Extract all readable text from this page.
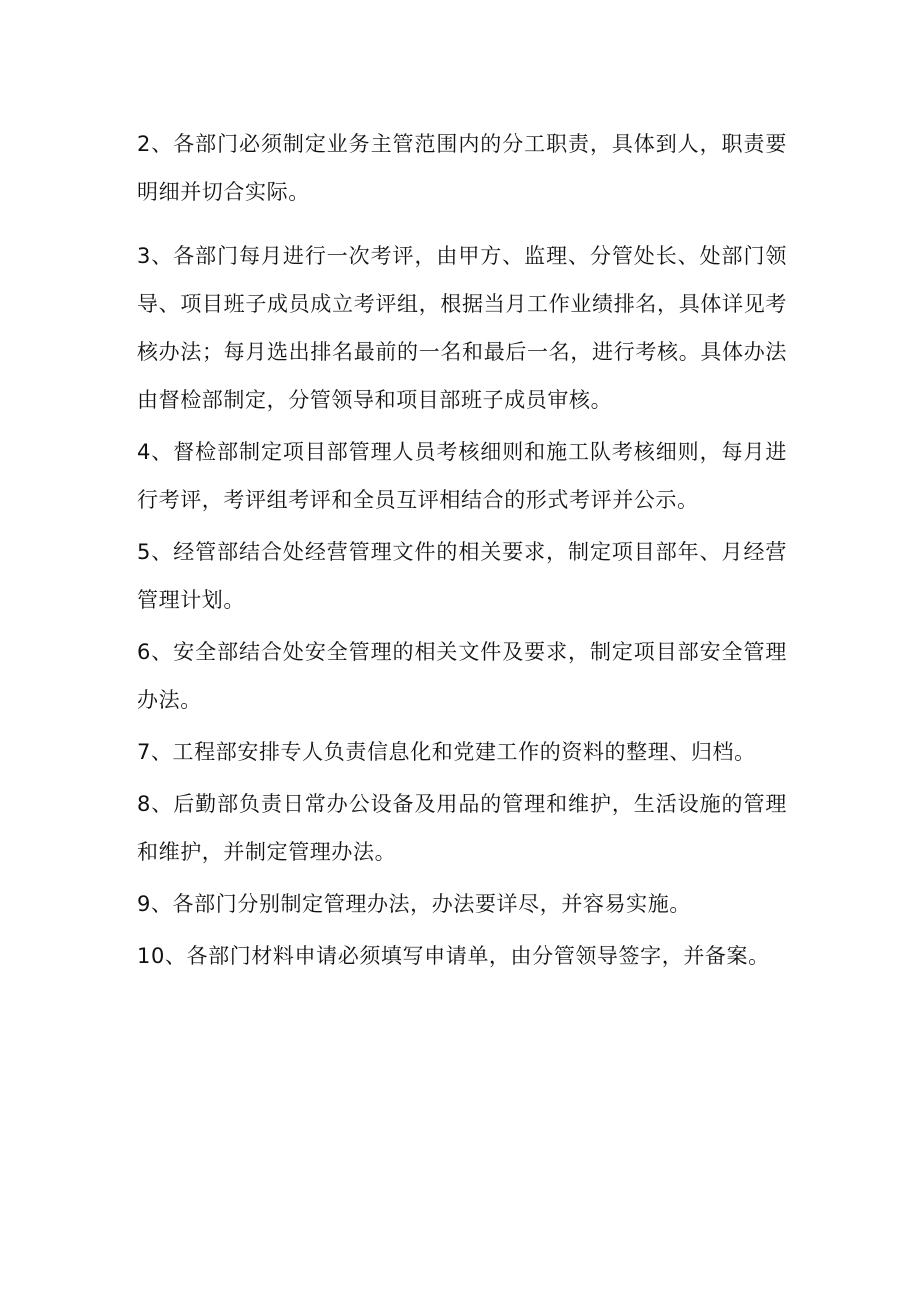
2、各部门必须制定业务主管范围内的分工职责，具体到人，职责要明细并切合实际。

3、各部门每月进行一次考评，由甲方、监理、分管处长、处部门领导、项目班子成员成立考评组，根据当月工作业绩排名，具体详见考核办法；每月选出排名最前的一名和最后一名，进行考核。具体办法由督检部制定，分管领导和项目部班子成员审核。

4、督检部制定项目部管理人员考核细则和施工队考核细则，每月进行考评，考评组考评和全员互评相结合的形式考评并公示。

5、经管部结合处经营管理文件的相关要求，制定项目部年、月经营管理计划。

6、安全部结合处安全管理的相关文件及要求，制定项目部安全管理办法。

7、工程部安排专人负责信息化和党建工作的资料的整理、归档。

8、后勤部负责日常办公设备及用品的管理和维护，生活设施的管理和维护，并制定管理办法。

9、各部门分别制定管理办法，办法要详尽，并容易实施。

10、各部门材料申请必须填写申请单，由分管领导签字，并备案。
